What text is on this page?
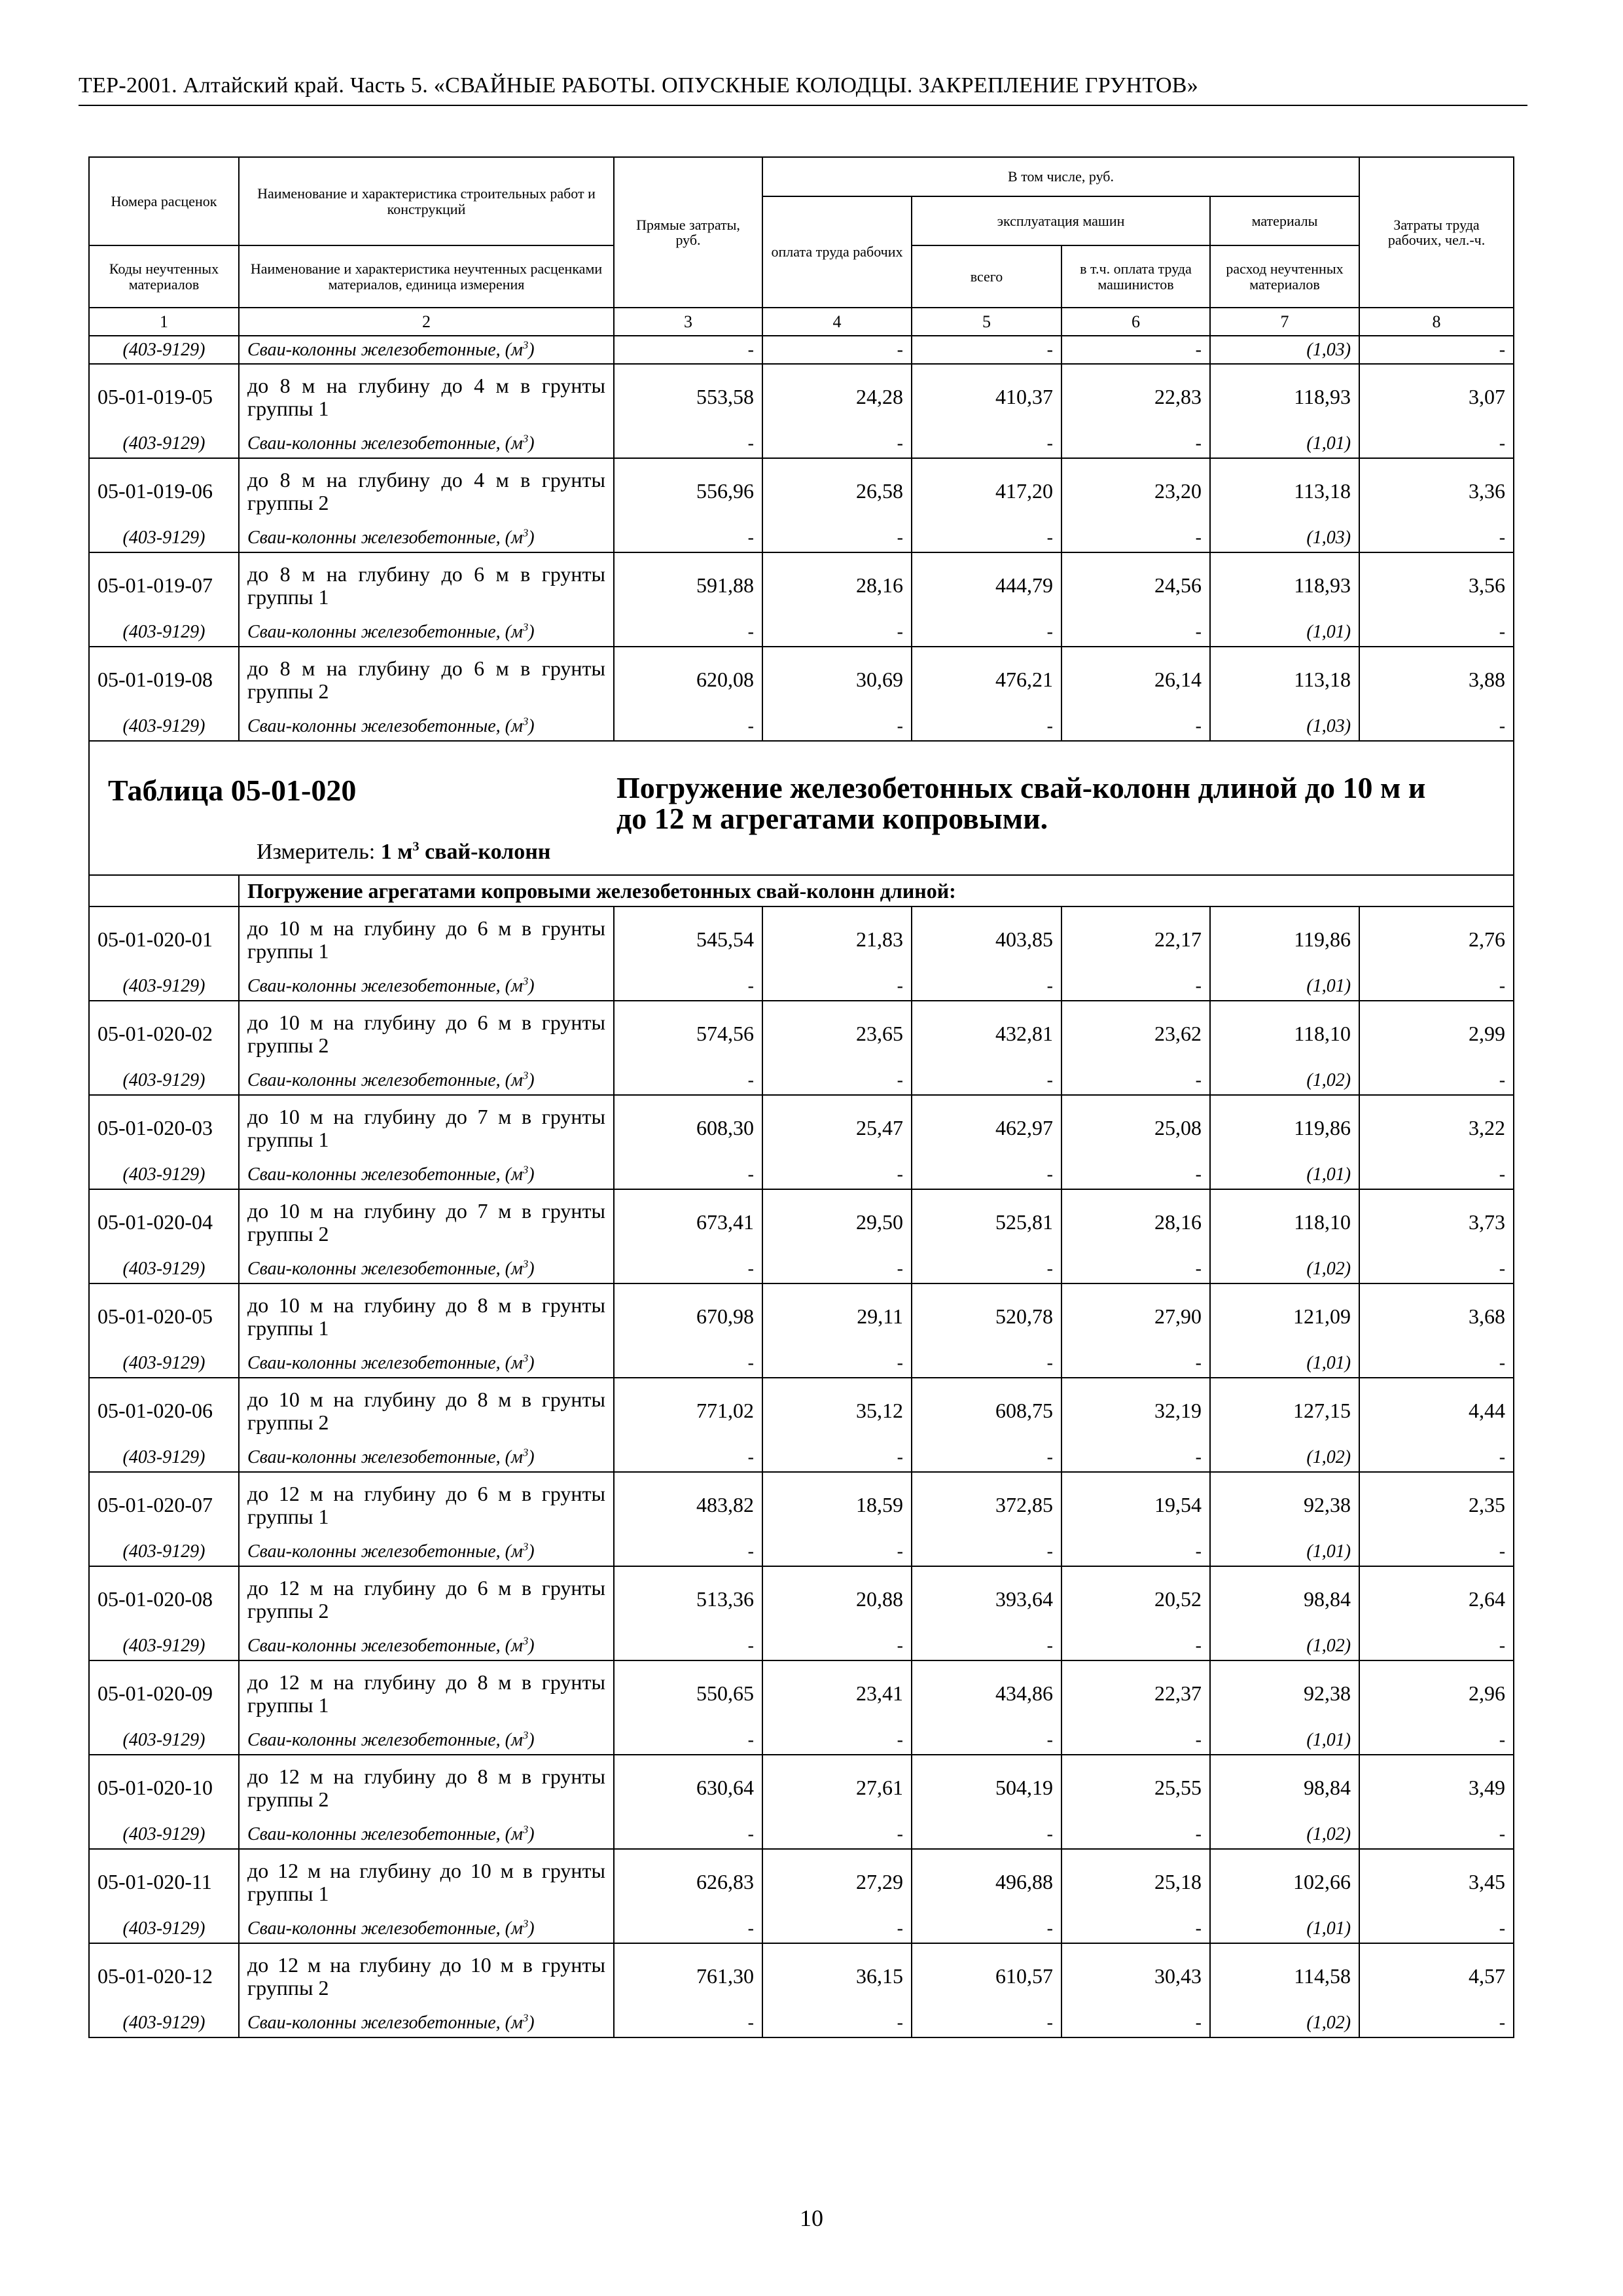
ТЕР-2001. Алтайский край. Часть 5. «СВАЙНЫЕ РАБОТЫ. ОПУСКНЫЕ КОЛОДЦЫ. ЗАКРЕПЛЕНИЕ ГРУНТОВ»
Номера расценок	Наименование и характеристика строительных работ и конструкций	Прямые затраты, руб.	В том числе, руб.				Затраты труда рабочих, чел.-ч.
			оплата труда рабочих	эксплуатация машин		материалы	
Коды неучтенных материалов	Наименование и характеристика неучтенных расценками материалов, единица измерения			всего	в т.ч. оплата труда машинистов	расход неучтенных материалов	
1	2	3	4	5	6	7	8
(403-9129)	Сваи-колонны железобетонные, $(м^3)$	-	-	-	-	(1,03)	-
05-01-019-05	до 8 м на глубину до 4 м в грунты группы 1	553,58	24,28	410,37	22,83	118,93	3,07
(403-9129)	Сваи-колонны железобетонные, $(м^3)$	-	-	-	-	(1,01)	-
05-01-019-06	до 8 м на глубину до 4 м в грунты группы 2	556,96	26,58	417,20	23,20	113,18	3,36
(403-9129)	Сваи-колонны железобетонные, $(м^3)$	-	-	-	-	(1,03)	-
05-01-019-07	до 8 м на глубину до 6 м в грунты группы 1	591,88	28,16	444,79	24,56	118,93	3,56
(403-9129)	Сваи-колонны железобетонные, $(м^3)$	-	-	-	-	(1,01)	-
05-01-019-08	до 8 м на глубину до 6 м в грунты группы 2	620,08	30,69	476,21	26,14	113,18	3,88
(403-9129)	Сваи-колонны железобетонные, $(м^3)$	-	-	-	-	(1,03)	-

Таблица 05-01-020 Погружение железобетонных свай-колонн длиной до 10 м и до 12 м агрегатами копровыми.
Измеритель: 1 $м^3$ свай-колонн							

	Погружение агрегатами копровыми железобетонных свай-колонн длиной:						
05-01-020-01	до 10 м на глубину до 6 м в грунты группы 1	545,54	21,83	403,85	22,17	119,86	2,76
(403-9129)	Сваи-колонны железобетонные, $(м^3)$	-	-	-	-	(1,01)	-
05-01-020-02	до 10 м на глубину до 6 м в грунты группы 2	574,56	23,65	432,81	23,62	118,10	2,99
(403-9129)	Сваи-колонны железобетонные, $(м^3)$	-	-	-	-	(1,02)	-
05-01-020-03	до 10 м на глубину до 7 м в грунты группы 1	608,30	25,47	462,97	25,08	119,86	3,22
(403-9129)	Сваи-колонны железобетонные, $(м^3)$	-	-	-	-	(1,01)	-
05-01-020-04	до 10 м на глубину до 7 м в грунты группы 2	673,41	29,50	525,81	28,16	118,10	3,73
(403-9129)	Сваи-колонны железобетонные, $(м^3)$	-	-	-	-	(1,02)	-
05-01-020-05	до 10 м на глубину до 8 м в грунты группы 1	670,98	29,11	520,78	27,90	121,09	3,68
(403-9129)	Сваи-колонны железобетонные, $(м^3)$	-	-	-	-	(1,01)	-
05-01-020-06	до 10 м на глубину до 8 м в грунты группы 2	771,02	35,12	608,75	32,19	127,15	4,44
(403-9129)	Сваи-колонны железобетонные, $(м^3)$	-	-	-	-	(1,02)	-
05-01-020-07	до 12 м на глубину до 6 м в грунты группы 1	483,82	18,59	372,85	19,54	92,38	2,35
(403-9129)	Сваи-колонны железобетонные, $(м^3)$	-	-	-	-	(1,01)	-
05-01-020-08	до 12 м на глубину до 6 м в грунты группы 2	513,36	20,88	393,64	20,52	98,84	2,64
(403-9129)	Сваи-колонны железобетонные, $(м^3)$	-	-	-	-	(1,02)	-
05-01-020-09	до 12 м на глубину до 8 м в грунты группы 1	550,65	23,41	434,86	22,37	92,38	2,96
(403-9129)	Сваи-колонны железобетонные, $(м^3)$	-	-	-	-	(1,01)	-
05-01-020-10	до 12 м на глубину до 8 м в грунты группы 2	630,64	27,61	504,19	25,55	98,84	3,49
(403-9129)	Сваи-колонны железобетонные, $(м^3)$	-	-	-	-	(1,02)	-
05-01-020-11	до 12 м на глубину до 10 м в грунты группы 1	626,83	27,29	496,88	25,18	102,66	3,45
(403-9129)	Сваи-колонны железобетонные, $(м^3)$	-	-	-	-	(1,01)	-
05-01-020-12	до 12 м на глубину до 10 м в грунты группы 2	761,30	36,15	610,57	30,43	114,58	4,57
(403-9129)	Сваи-колонны железобетонные, $(м^3)$	-	-	-	-	(1,02)	-
10
